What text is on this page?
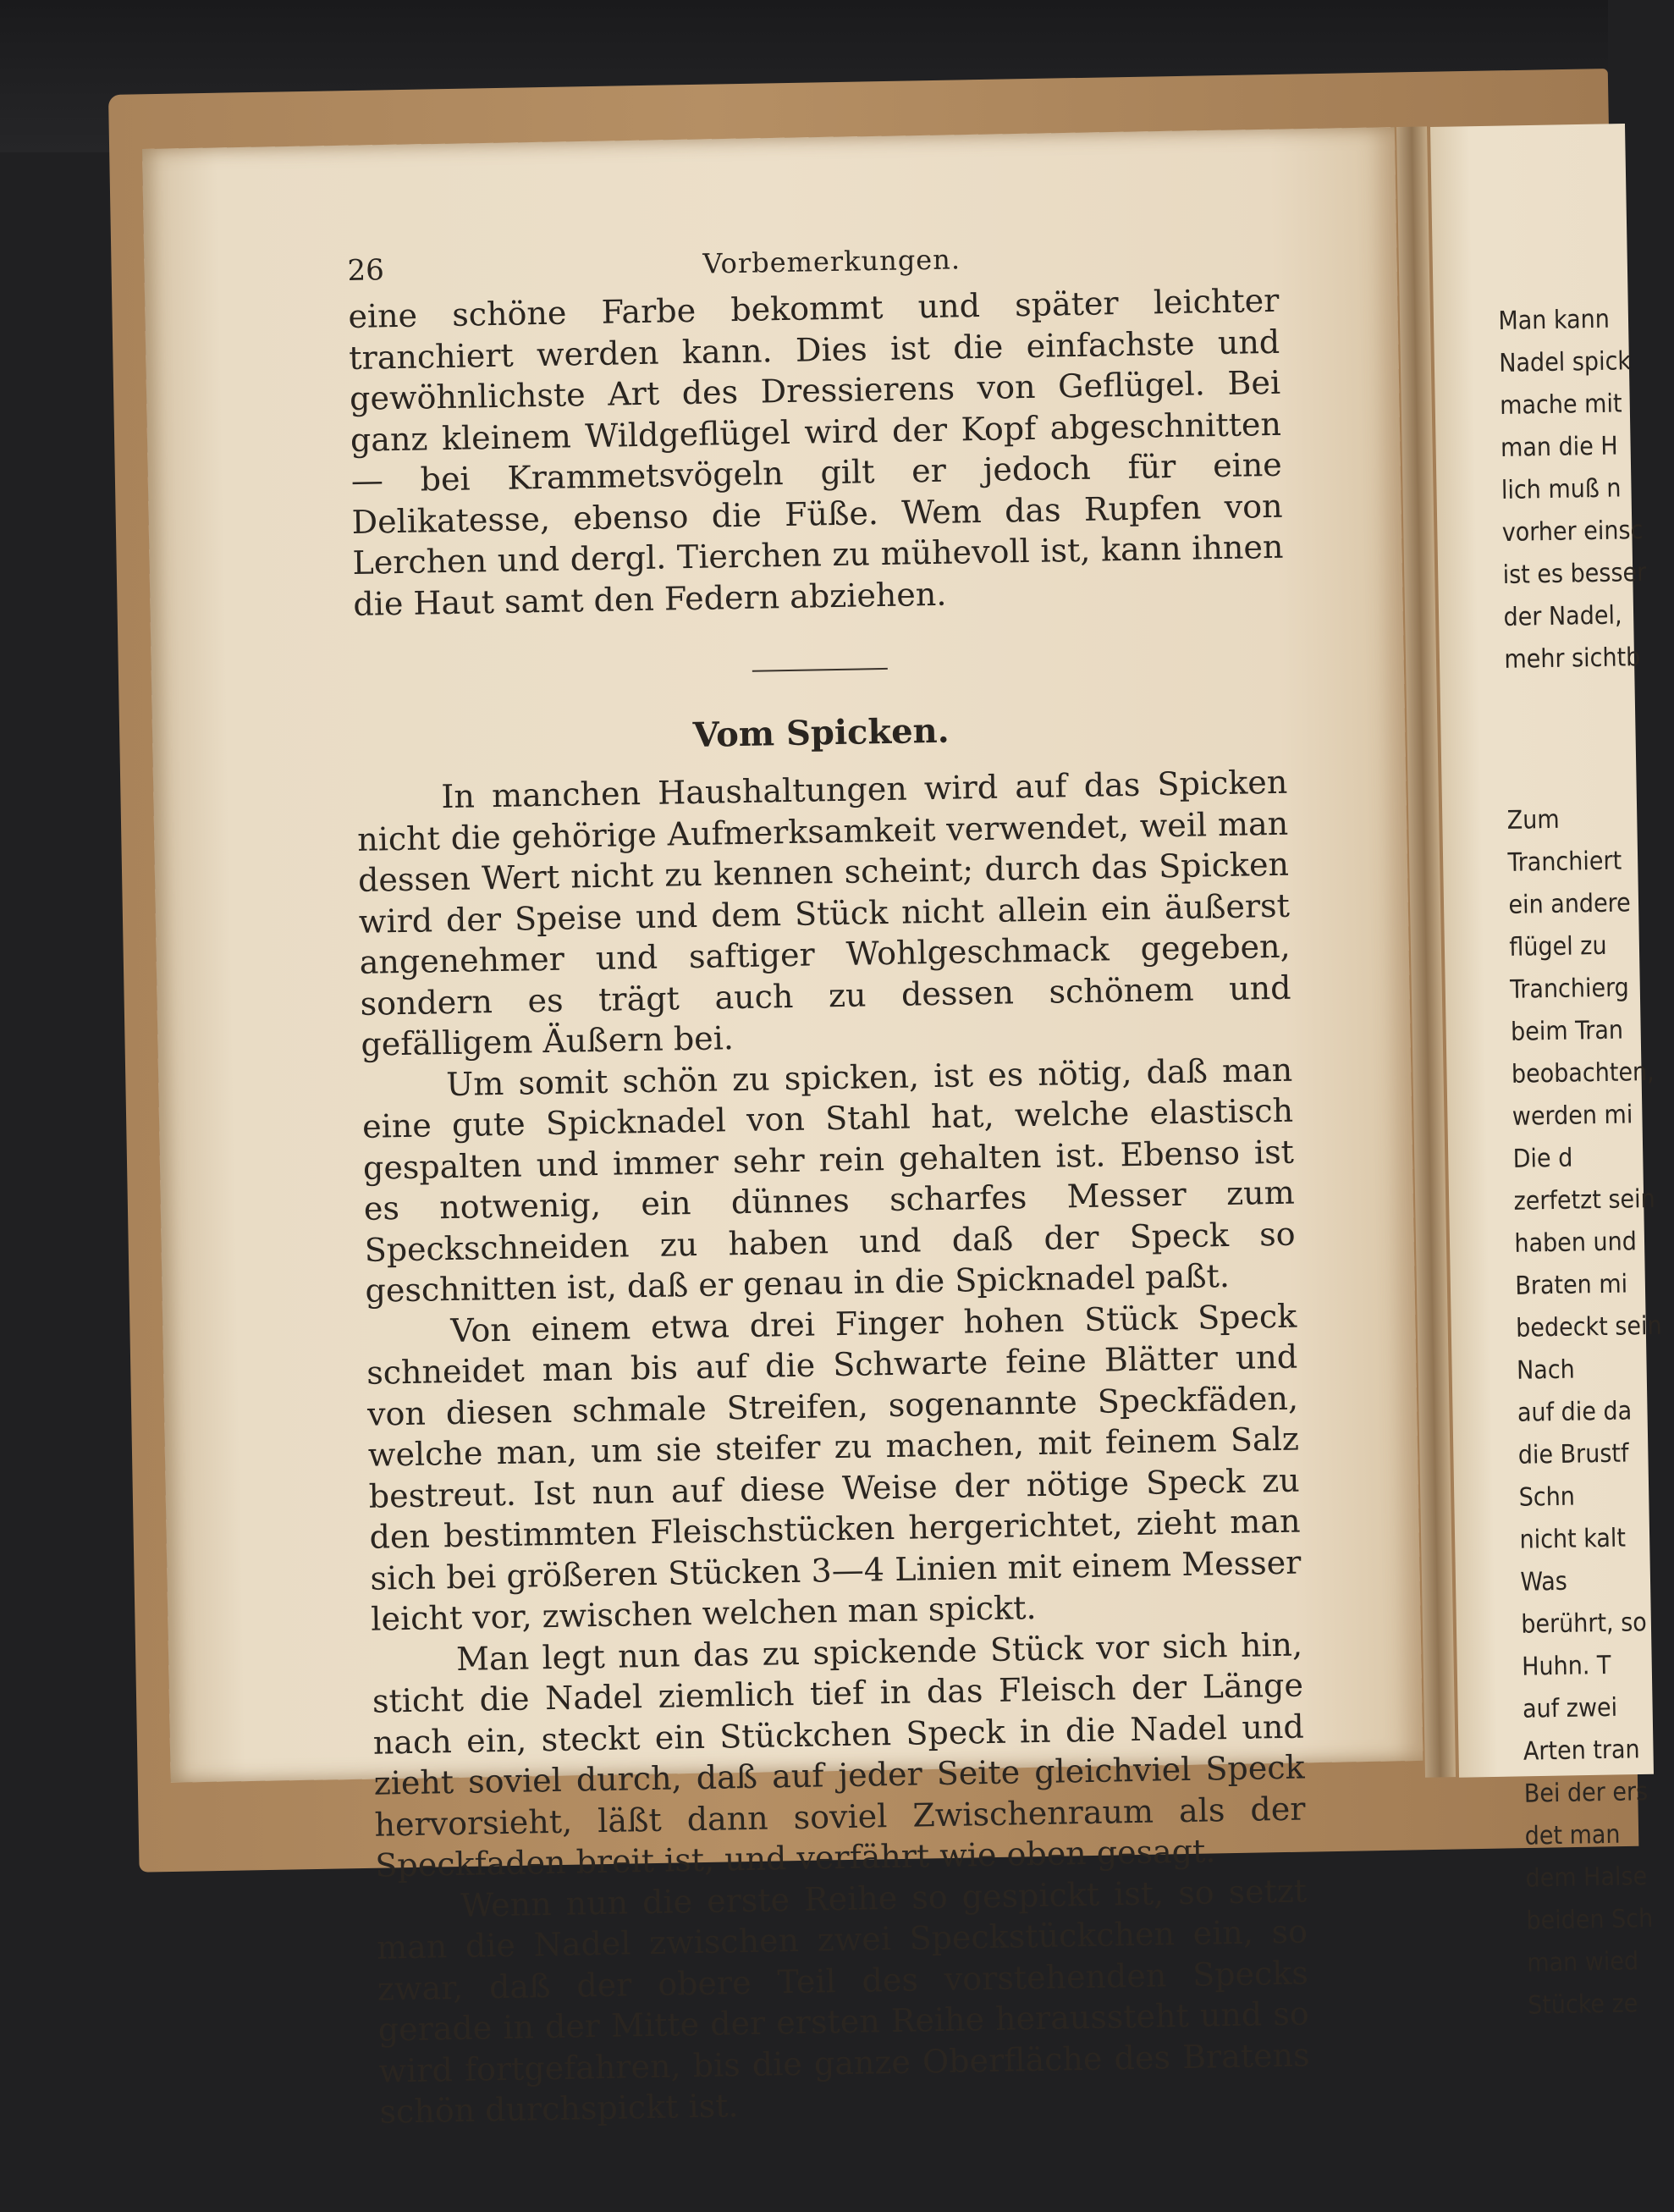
26	Vorbemerkungen.

eine schöne Farbe bekommt und später leichter tranchiert werden kann. Dies ist die einfachste und gewöhnlichste Art des Dressierens von Geflügel. Bei ganz kleinem Wildgeflügel wird der Kopf abgeschnitten — bei Krammetsvögeln gilt er jedoch für eine Delikatesse, ebenso die Füße. Wem das Rupfen von Lerchen und dergl. Tierchen zu mühevoll ist, kann ihnen die Haut samt den Federn abziehen.

Vom Spicken.

In manchen Haushaltungen wird auf das Spicken nicht die gehörige Aufmerksamkeit verwendet, weil man dessen Wert nicht zu kennen scheint; durch das Spicken wird der Speise und dem Stück nicht allein ein äußerst angenehmer und saftiger Wohlgeschmack gegeben, sondern es trägt auch zu dessen schönem und gefälligem Äußern bei.

Um somit schön zu spicken, ist es nötig, daß man eine gute Spicknadel von Stahl hat, welche elastisch gespalten und immer sehr rein gehalten ist. Ebenso ist es notwenig, ein dünnes scharfes Messer zum Speckschneiden zu haben und daß der Speck so geschnitten ist, daß er genau in die Spicknadel paßt.

Von einem etwa drei Finger hohen Stück Speck schneidet man bis auf die Schwarte feine Blätter und von diesen schmale Streifen, sogenannte Speckfäden, welche man, um sie steifer zu machen, mit feinem Salz bestreut. Ist nun auf diese Weise der nötige Speck zu den bestimmten Fleischstücken hergerichtet, zieht man sich bei größeren Stücken 3—4 Linien mit einem Messer leicht vor, zwischen welchen man spickt.

Man legt nun das zu spickende Stück vor sich hin, sticht die Nadel ziemlich tief in das Fleisch der Länge nach ein, steckt ein Stückchen Speck in die Nadel und zieht soviel durch, daß auf jeder Seite gleichviel Speck hervorsieht, läßt dann soviel Zwischenraum als der Speckfaden breit ist, und verfährt wie oben gesagt.

Wenn nun die erste Reihe so gespickt ist, so setzt man die Nadel zwischen zwei Speckstückchen ein, so zwar, daß der obere Teil des vorstehenden Specks gerade in der Mitte der ersten Reihe heraussteht und so wird fortgefahren, bis die ganze Oberfläche des Bratens schön durchspickt ist.

Man kann
Nadel spick
mache mit
man die H
lich muß n
vorher einsc
ist es besser
der Nadel,
mehr sichtb
Zum
Tranchiert
ein andere
flügel zu
Tranchierg
beim Tran
beobachten,
werden mi
Die d
zerfetzt sein
haben und
Braten mi
bedeckt sein
Nach
auf die da
die Brustf
Schn
nicht kalt
Was
berührt, so
Huhn. T
auf zwei
Arten tran
Bei der ers
det man
dem Halse
beiden Sch
man wied
Stücke ze
